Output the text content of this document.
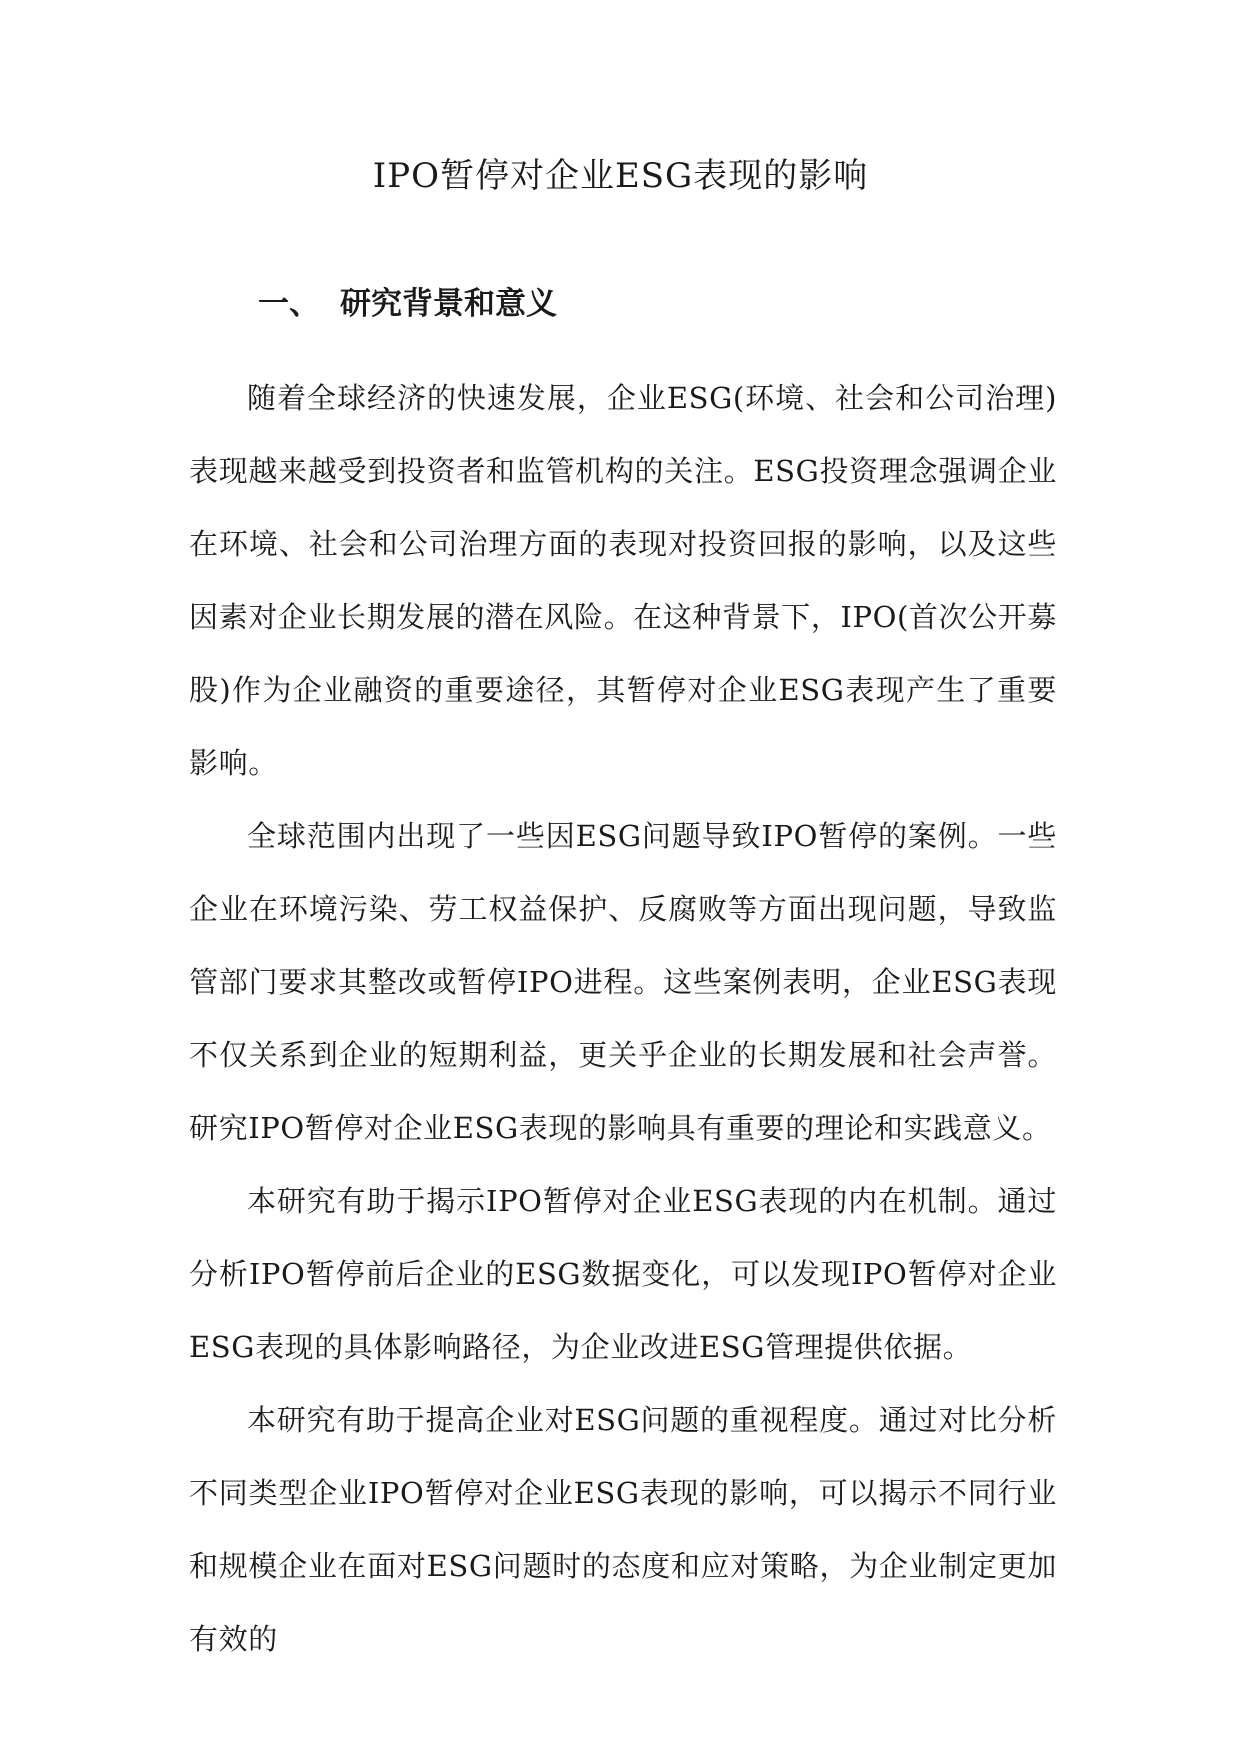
IPO暂停对企业ESG表现的影响
一、 研究背景和意义

随着全球经济的快速发展，企业ESG(环境、社会和公司治理)表现越来越受到投资者和监管机构的关注。ESG投资理念强调企业在环境、社会和公司治理方面的表现对投资回报的影响，以及这些因素对企业长期发展的潜在风险。在这种背景下，IPO(首次公开募股)作为企业融资的重要途径，其暂停对企业ESG表现产生了重要影响。

全球范围内出现了一些因ESG问题导致IPO暂停的案例。一些企业在环境污染、劳工权益保护、反腐败等方面出现问题，导致监管部门要求其整改或暂停IPO进程。这些案例表明，企业ESG表现不仅关系到企业的短期利益，更关乎企业的长期发展和社会声誉。研究IPO暂停对企业ESG表现的影响具有重要的理论和实践意义。

本研究有助于揭示IPO暂停对企业ESG表现的内在机制。通过分析IPO暂停前后企业的ESG数据变化，可以发现IPO暂停对企业ESG表现的具体影响路径，为企业改进ESG管理提供依据。

本研究有助于提高企业对ESG问题的重视程度。通过对比分析不同类型企业IPO暂停对企业ESG表现的影响，可以揭示不同行业和规模企业在面对ESG问题时的态度和应对策略，为企业制定更加有效的
